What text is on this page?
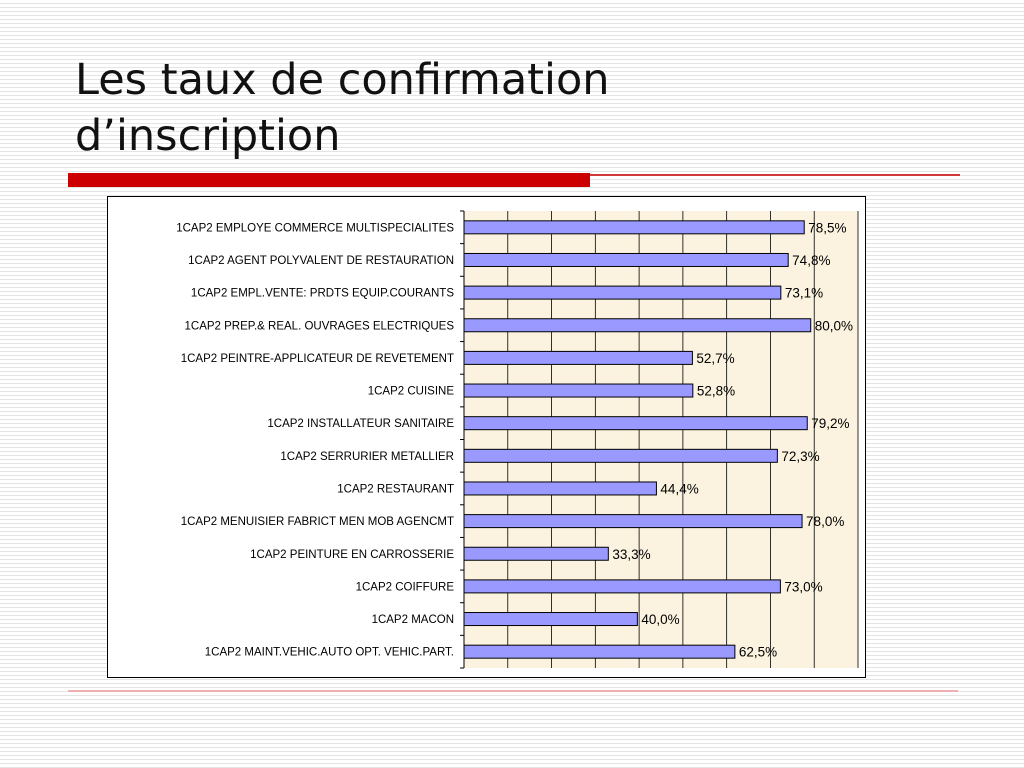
Les taux de confirmation
d’inscription
1CAP2 EMPLOYE COMMERCE MULTISPECIALITES	78,5%
1CAP2 AGENT POLYVALENT DE RESTAURATION	74,8%
1CAP2 EMPL.VENTE: PRDTS EQUIP.COURANTS	73,1%
1CAP2 PREP.& REAL. OUVRAGES ELECTRIQUES	80,0%
1CAP2 PEINTRE-APPLICATEUR DE REVETEMENT	52,7%
1CAP2 CUISINE	52,8%
1CAP2 INSTALLATEUR SANITAIRE	79,2%
1CAP2 SERRURIER METALLIER	72,3%
1CAP2 RESTAURANT	44,4%
1CAP2 MENUISIER FABRICT MEN MOB AGENCMT	78,0%
1CAP2 PEINTURE EN CARROSSERIE	33,3%
1CAP2 COIFFURE	73,0%
1CAP2 MACON	40,0%
1CAP2 MAINT.VEHIC.AUTO OPT. VEHIC.PART.	62,5%
